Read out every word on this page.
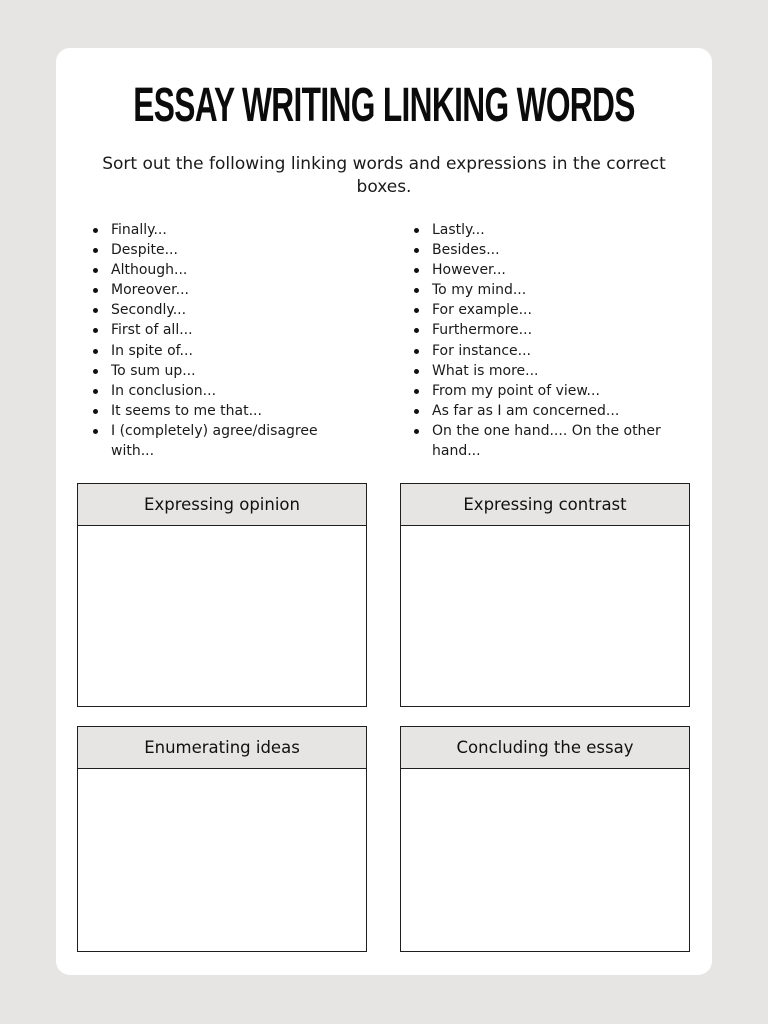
ESSAY WRITING LINKING WORDS
Sort out the following linking words and expressions in the correct boxes.
Finally...
Despite...
Although...
Moreover...
Secondly...
First of all...
In spite of...
To sum up...
In conclusion...
It seems to me that...
I (completely) agree/disagree with...
Lastly...
Besides...
However...
To my mind...
For example...
Furthermore...
For instance...
What is more...
From my point of view...
As far as I am concerned...
On the one hand.... On the other hand...
Expressing opinion	Expressing contrast
Enumerating ideas	Concluding the essay
